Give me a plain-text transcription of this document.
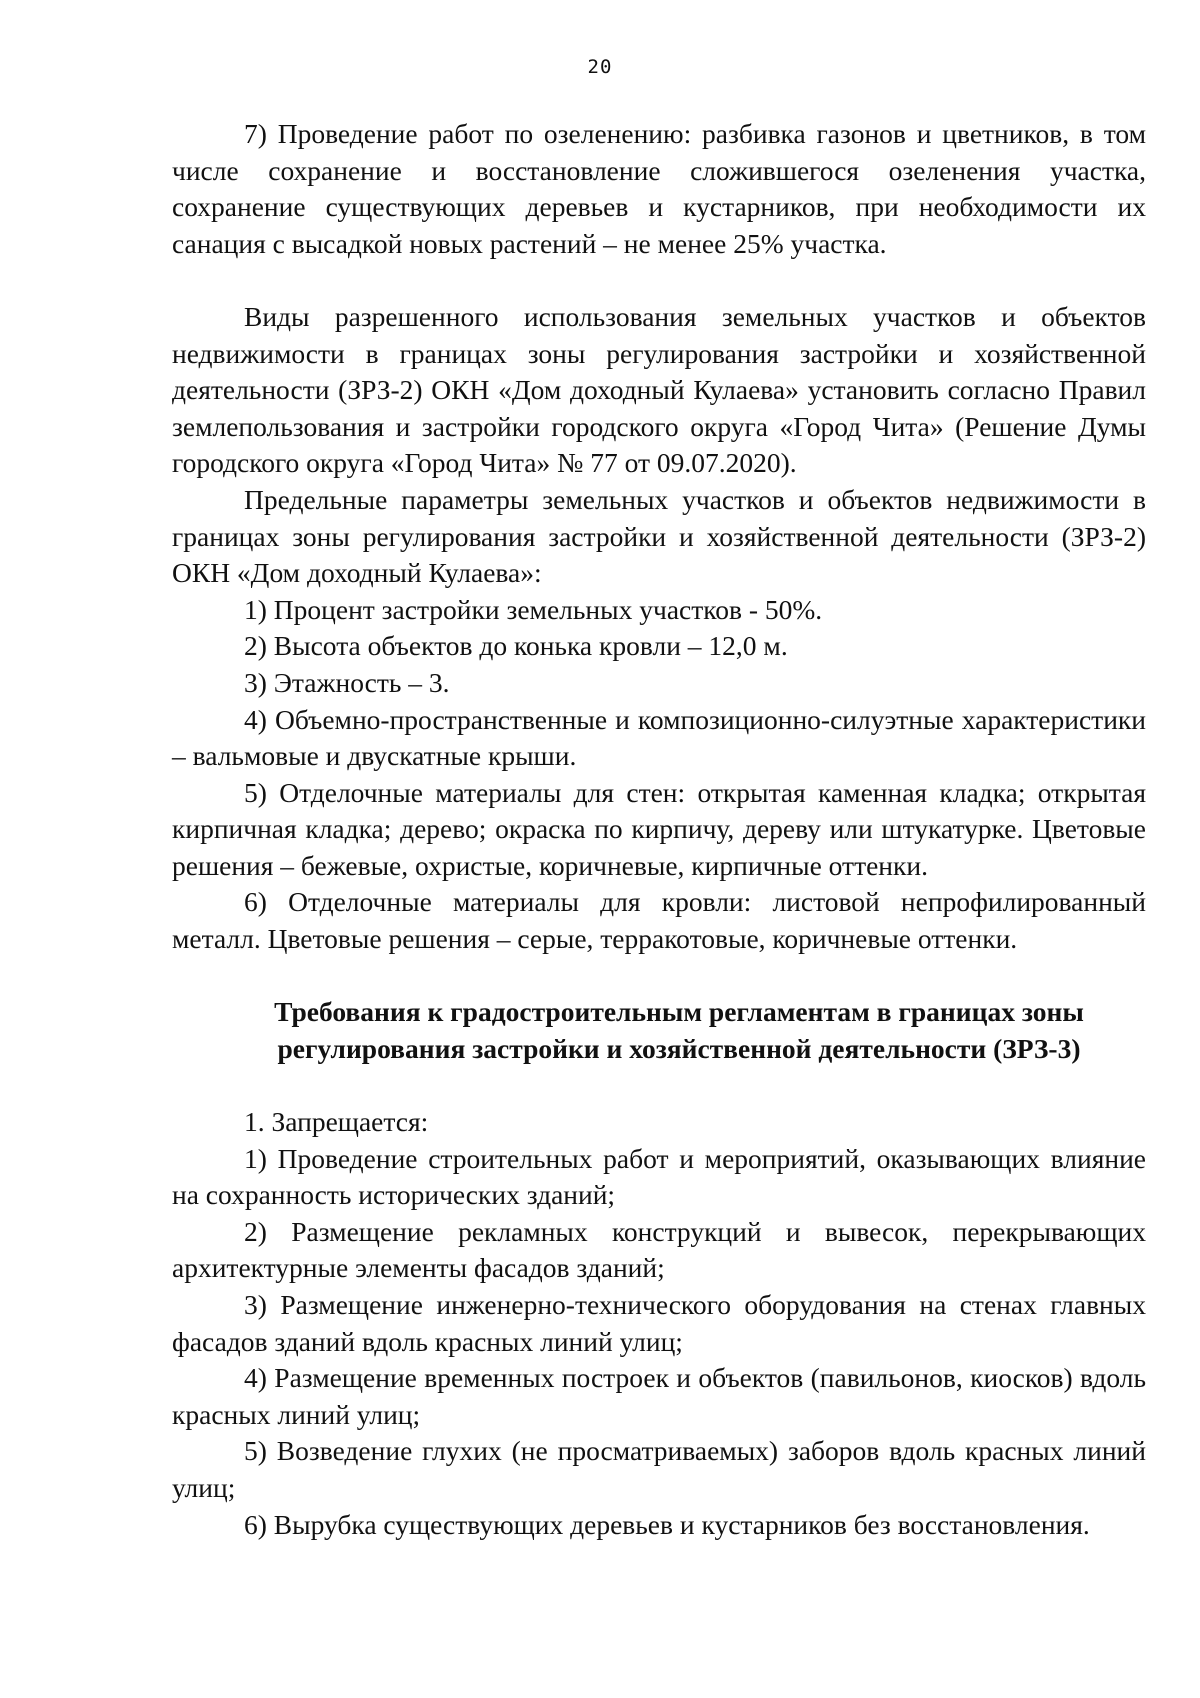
20

7) Проведение работ по озеленению: разбивка газонов и цветников, в том числе сохранение и восстановление сложившегося озеленения участка, сохранение существующих деревьев и кустарников, при необходимости их санация с высадкой новых растений – не менее 25% участка.

Виды разрешенного использования земельных участков и объектов недвижимости в границах зоны регулирования застройки и хозяйственной деятельности (ЗРЗ-2) ОКН «Дом доходный Кулаева» установить согласно Правил землепользования и застройки городского округа «Город Чита» (Решение Думы городского округа «Город Чита» № 77 от 09.07.2020).

Предельные параметры земельных участков и объектов недвижимости в границах зоны регулирования застройки и хозяйственной деятельности (ЗРЗ-2) ОКН «Дом доходный Кулаева»:

1) Процент застройки земельных участков - 50%.

2) Высота объектов до конька кровли – 12,0 м.

3) Этажность – 3.

4) Объемно-пространственные и композиционно-силуэтные характеристики – вальмовые и двускатные крыши.

5) Отделочные материалы для стен: открытая каменная кладка; открытая кирпичная кладка; дерево; окраска по кирпичу, дереву или штукатурке. Цветовые решения – бежевые, охристые, коричневые, кирпичные оттенки.

6) Отделочные материалы для кровли: листовой непрофилированный металл. Цветовые решения – серые, терракотовые, коричневые оттенки.

Требования к градостроительным регламентам в границах зоны

регулирования застройки и хозяйственной деятельности (ЗРЗ-3)

1. Запрещается:

1) Проведение строительных работ и мероприятий, оказывающих влияние на сохранность исторических зданий;

2) Размещение рекламных конструкций и вывесок, перекрывающих архитектурные элементы фасадов зданий;

3) Размещение инженерно-технического оборудования на стенах главных фасадов зданий вдоль красных линий улиц;

4) Размещение временных построек и объектов (павильонов, киосков) вдоль красных линий улиц;

5) Возведение глухих (не просматриваемых) заборов вдоль красных линий улиц;

6) Вырубка существующих деревьев и кустарников без восстановления.
